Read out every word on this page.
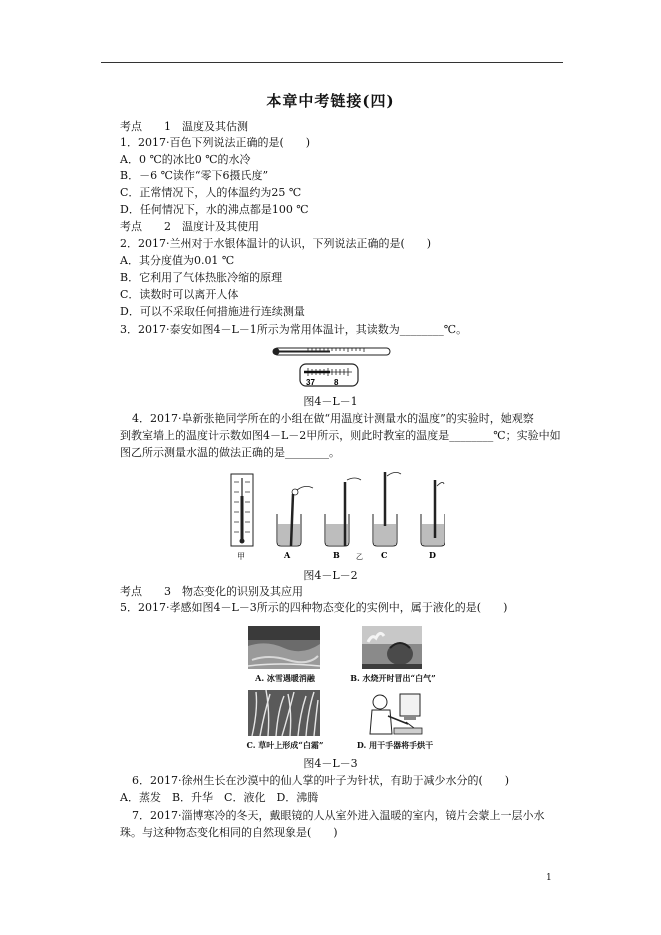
本章中考链接(四)
考点　　1　温度及其估测
1．2017·百色下列说法正确的是(　　)
A．0 ℃的冰比0 ℃的水冷
B．－6 ℃读作“零下6摄氏度”
C．正常情况下，人的体温约为25 ℃
D．任何情况下，水的沸点都是100 ℃
考点　　2　温度计及其使用
2．2017·兰州对于水银体温计的认识，下列说法正确的是(　　)
A．其分度值为0.01 ℃
B．它利用了气体热胀冷缩的原理
C．读数时可以离开人体
D．可以不采取任何措施进行连续测量
3．2017·泰安如图4－L－1所示为常用体温计，其读数为________℃。
37 8
图4－L－1
4．2017·阜新张艳同学所在的小组在做“用温度计测量水的温度”的实验时，她观察
到教室墙上的温度计示数如图4－L－2甲所示，则此时教室的温度是________℃；实验中如
图乙所示测量水温的做法正确的是________。
甲	A	B 乙 C	D
图4－L－2
考点　　3　物态变化的识别及其应用
5．2017·孝感如图4－L－3所示的四种物态变化的实例中，属于液化的是(　　)
A. 冰雪遇暖消融	B. 水烧开时冒出“白气”
C. 草叶上形成“白霜”	D. 用干手器将手烘干
图4－L－3
6．2017·徐州生长在沙漠中的仙人掌的叶子为针状，有助于减少水分的(　　)
A．蒸发　B．升华　C．液化　D．沸腾
7．2017·淄博寒冷的冬天，戴眼镜的人从室外进入温暖的室内，镜片会蒙上一层小水
珠。与这种物态变化相同的自然现象是(　　)
1
